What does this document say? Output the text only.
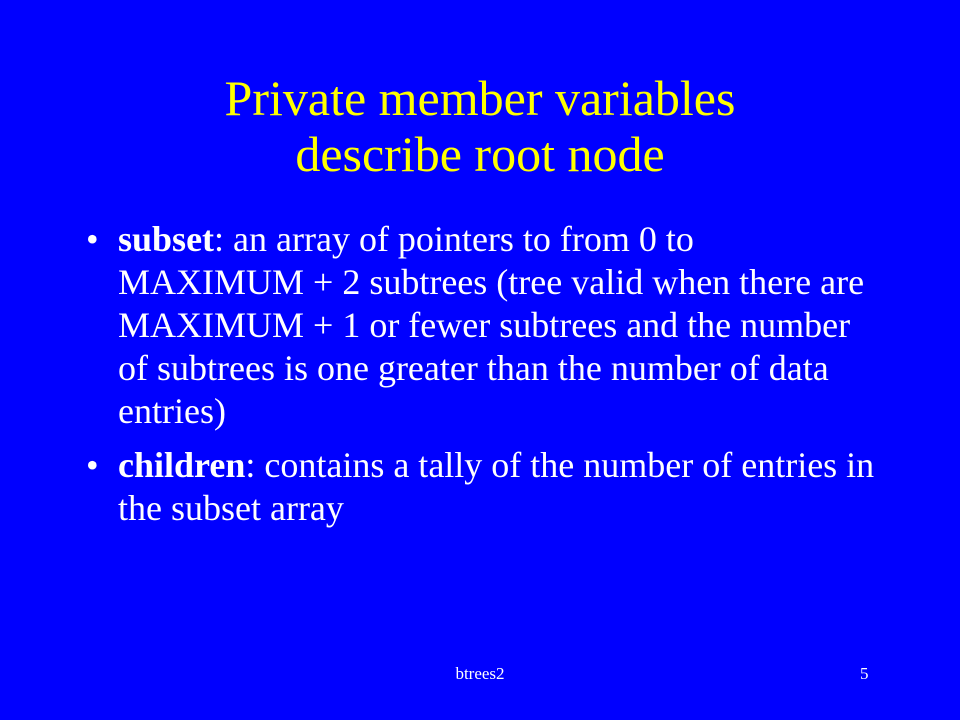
Private member variables
describe root node
• subset: an array of pointers to from 0 to MAXIMUM + 2 subtrees (tree valid when there are MAXIMUM + 1 or fewer subtrees and the number of subtrees is one greater than the number of data entries)
• children: contains a tally of the number of entries in the subset array
btrees2	5
